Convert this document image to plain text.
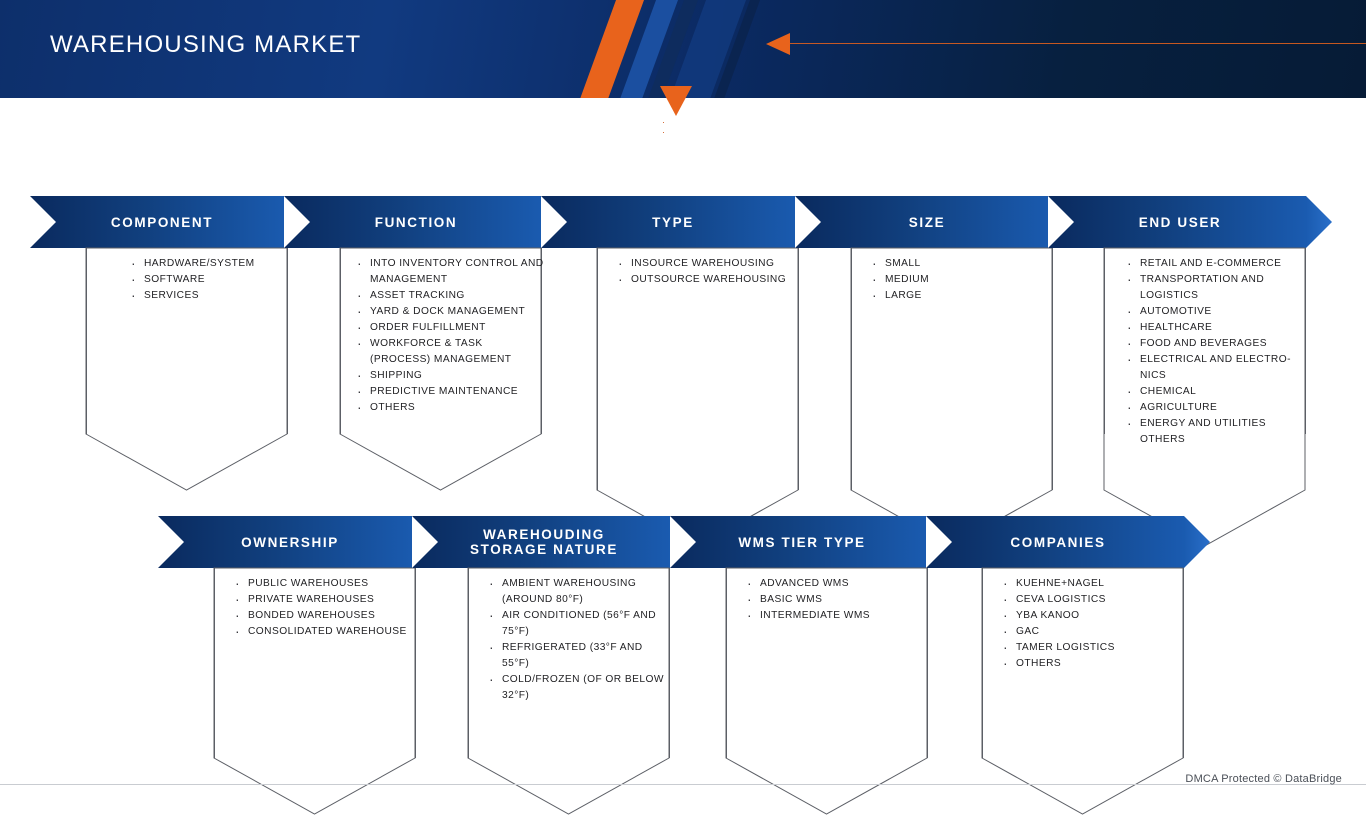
WAREHOUSING MARKET
· ·
COMPONENT
· HARDWARE/SYSTEM
· SOFTWARE
· SERVICES
FUNCTION
· INTO INVENTORY CONTROL AND MANAGEMENT
· ASSET TRACKING
· YARD & DOCK MANAGEMENT
· ORDER FULFILLMENT
· WORKFORCE & TASK (PROCESS) MANAGEMENT
· SHIPPING
· PREDICTIVE MAINTENANCE
· OTHERS
TYPE
· INSOURCE WAREHOUSING
· OUTSOURCE WAREHOUSING
SIZE
· SMALL
· MEDIUM
· LARGE
END USER
· RETAIL AND E-COMMERCE
· TRANSPORTATION AND LOGISTICS
· AUTOMOTIVE
· HEALTHCARE
· FOOD AND BEVERAGES
· ELECTRICAL AND ELECTRO-NICS
· CHEMICAL
· AGRICULTURE
· ENERGY AND UTILITIES OTHERS
OWNERSHIP
· PUBLIC WAREHOUSES
· PRIVATE WAREHOUSES
· BONDED WAREHOUSES
· CONSOLIDATED WAREHOUSE
WAREHOUDING STORAGE NATURE
· AMBIENT WAREHOUSING (AROUND 80°F)
· AIR CONDITIONED (56°F AND 75°F)
· REFRIGERATED (33°F AND 55°F)
· COLD/FROZEN (OF OR BELOW 32°F)
WMS TIER TYPE
· ADVANCED WMS
· BASIC WMS
· INTERMEDIATE WMS
COMPANIES
· KUEHNE+NAGEL
· CEVA LOGISTICS
· YBA KANOO
· GAC
· TAMER LOGISTICS
· OTHERS
DMCA Protected © DataBridge
